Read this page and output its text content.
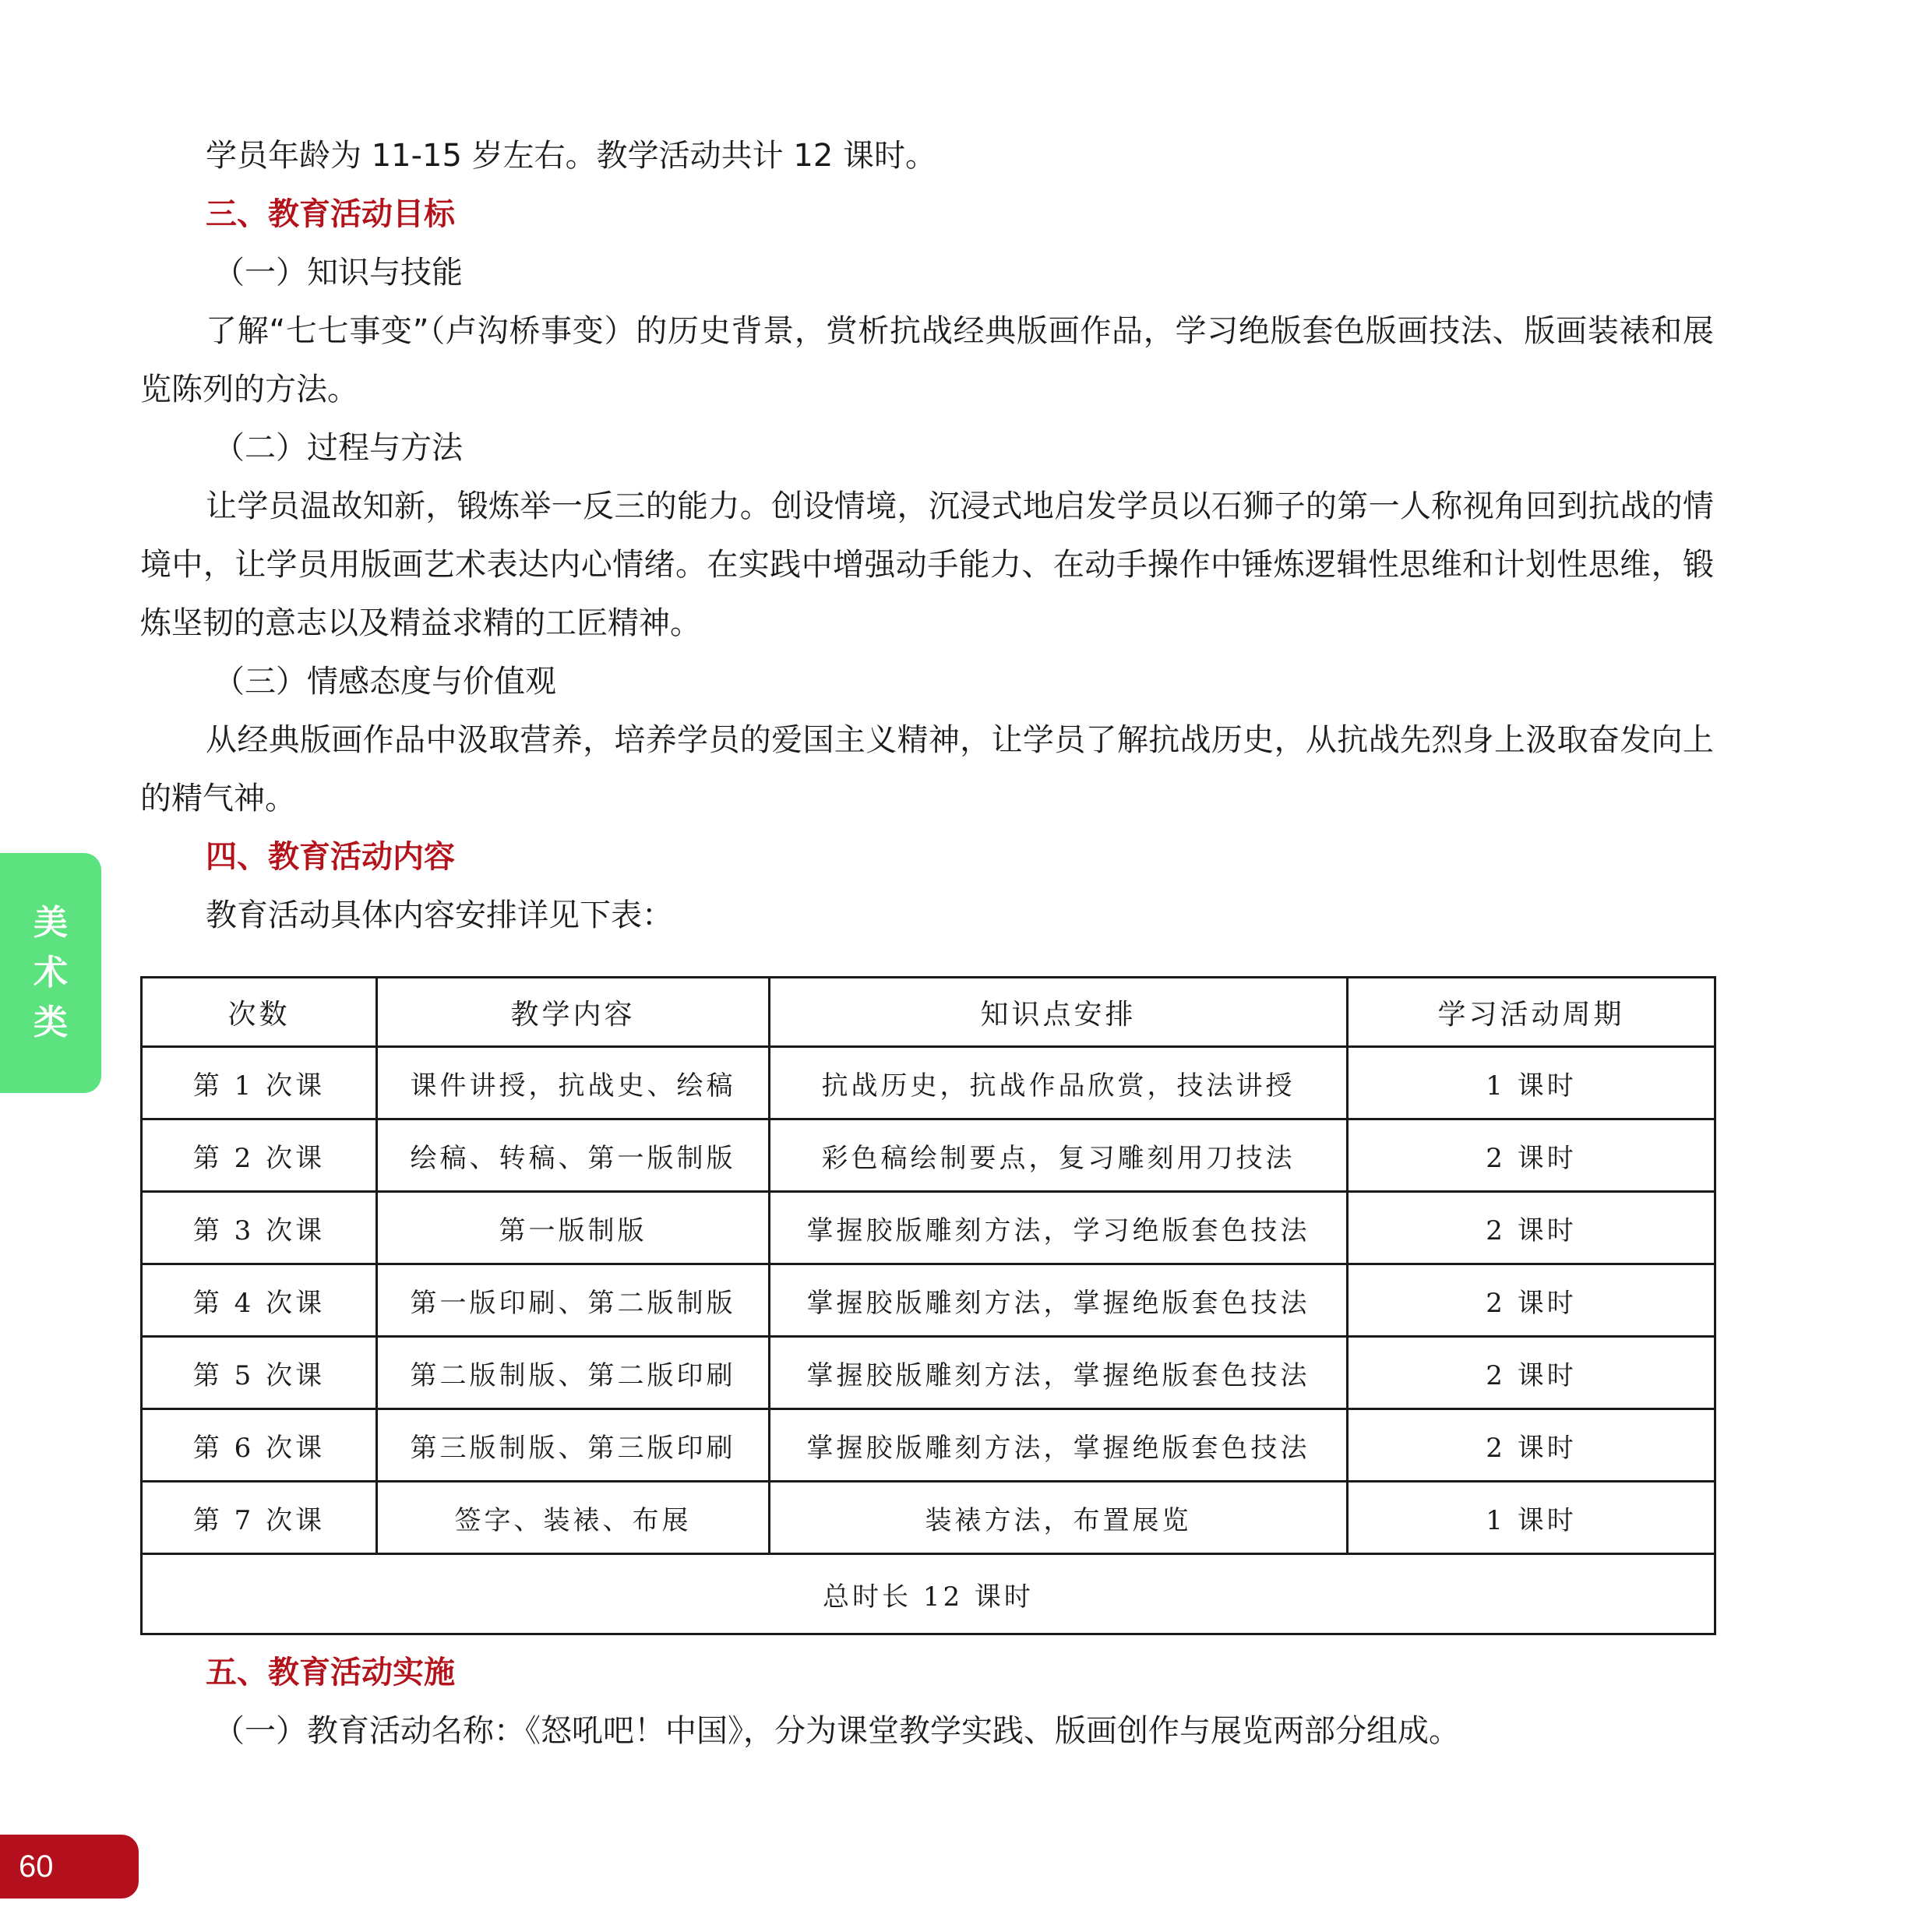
学员年龄为 11-15 岁左右。教学活动共计 12 课时。

三、教育活动目标

（一）知识与技能

了解“七七事变”（卢沟桥事变）的历史背景，赏析抗战经典版画作品，学习绝版套色版画技法、版画装裱和展览陈列的方法。

（二）过程与方法

让学员温故知新，锻炼举一反三的能力。创设情境，沉浸式地启发学员以石狮子的第一人称视角回到抗战的情境中，让学员用版画艺术表达内心情绪。在实践中增强动手能力、在动手操作中锤炼逻辑性思维和计划性思维，锻炼坚韧的意志以及精益求精的工匠精神。

（三）情感态度与价值观

从经典版画作品中汲取营养，培养学员的爱国主义精神，让学员了解抗战历史，从抗战先烈身上汲取奋发向上的精气神。

四、教育活动内容

教育活动具体内容安排详见下表：

次数	教学内容	知识点安排	学习活动周期
第 1 次课	课件讲授，抗战史、绘稿	抗战历史，抗战作品欣赏，技法讲授	1 课时
第 2 次课	绘稿、转稿、第一版制版	彩色稿绘制要点，复习雕刻用刀技法	2 课时
第 3 次课	第一版制版	掌握胶版雕刻方法，学习绝版套色技法	2 课时
第 4 次课	第一版印刷、第二版制版	掌握胶版雕刻方法，掌握绝版套色技法	2 课时
第 5 次课	第二版制版、第二版印刷	掌握胶版雕刻方法，掌握绝版套色技法	2 课时
第 6 次课	第三版制版、第三版印刷	掌握胶版雕刻方法，掌握绝版套色技法	2 课时
第 7 次课	签字、装裱、布展	装裱方法，布置展览	1 课时
总时长 12 课时			

五、教育活动实施

（一）教育活动名称：《怒吼吧！中国》，分为课堂教学实践、版画创作与展览两部分组成。

美
术
类
60
